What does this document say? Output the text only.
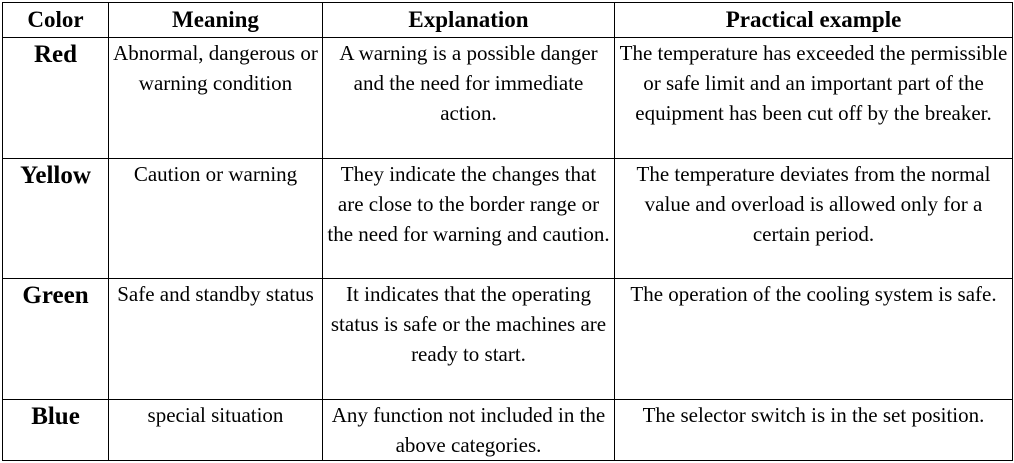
Color	Meaning	Explanation	Practical example
Red	Abnormal, dangerous or warning condition	A warning is a possible danger and the need for immediate action.	The temperature has exceeded the permissible or safe limit and an important part of the equipment has been cut off by the breaker.
Yellow	Caution or warning	They indicate the changes that are close to the border range or the need for warning and caution.	The temperature deviates from the normal value and overload is allowed only for a certain period.
Green	Safe and standby status	It indicates that the operating status is safe or the machines are ready to start.	The operation of the cooling system is safe.
Blue	special situation	Any function not included in the above categories.	The selector switch is in the set position.
